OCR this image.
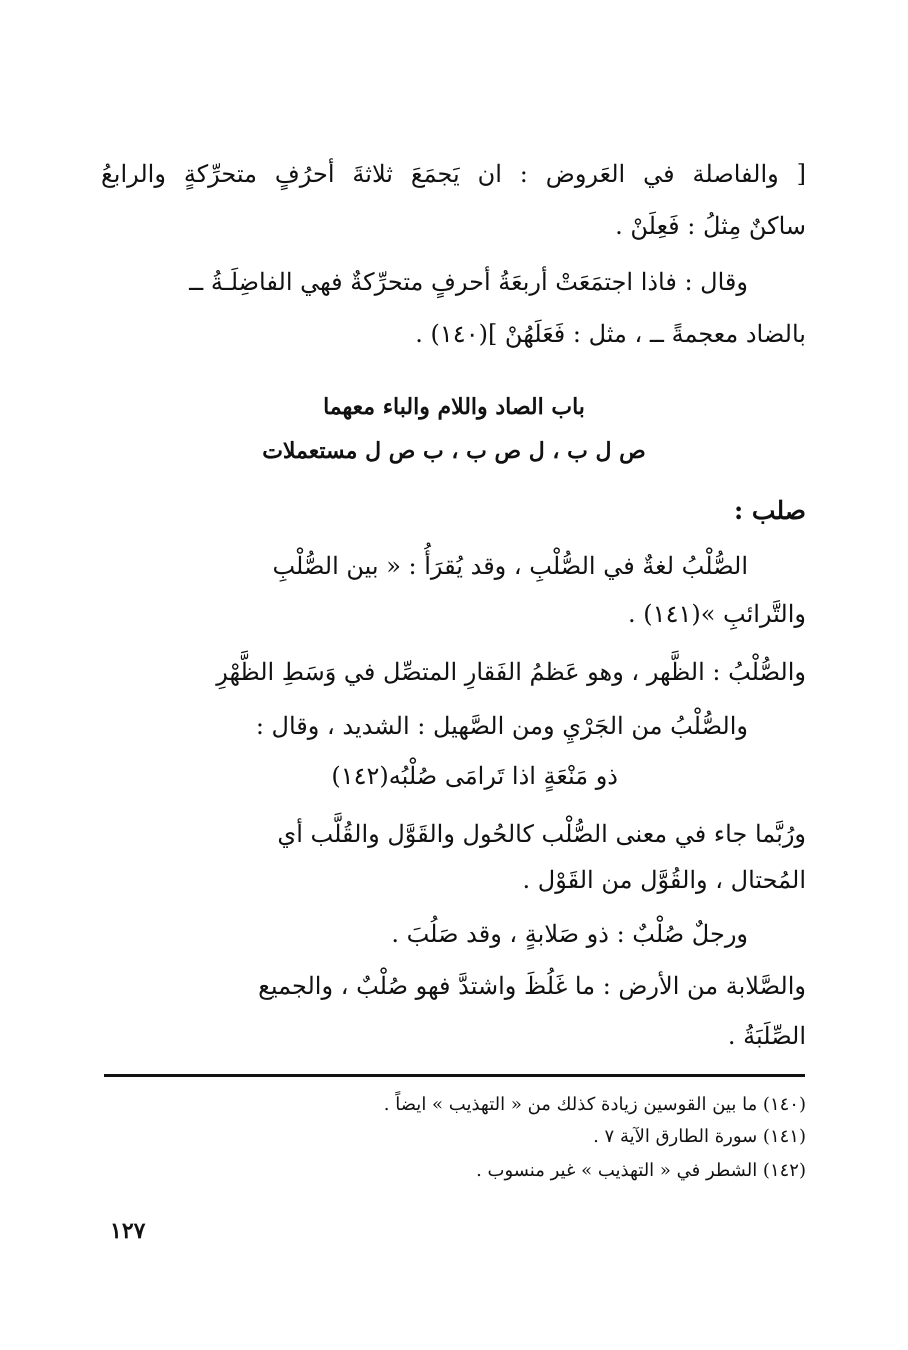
[ والفاصلة في العَروض : ان يَجمَعَ ثلاثةَ أحرُفٍ متحرِّكةٍ والرابعُ
ساكنٌ مِثلُ : فَعِلَنْ .
وقال : فاذا اجتمَعَتْ أربعَةُ أحرفٍ متحرِّكةٌ فهي الفاضِلَـةُ ــ
بالضاد معجمةً ــ ، مثل : فَعَلَهُنْ ](١٤٠) .
باب الصاد واللام والباء معهما
ص ل ب ، ل ص ب ، ب ص ل مستعملات
صلب :
الصُّلْبُ لغةٌ في الصُّلْبِ ، وقد يُقرَأُ : « بين الصُّلْبِ
والتَّرائبِ »(١٤١) .
والصُّلْبُ : الظَّهر ، وهو عَظمُ الفَقارِ المتصِّل في وَسَطِ الظَّهْرِ
والصُّلْبُ من الجَرْيِ ومن الصَّهيل : الشديد ، وقال :
ذو مَنْعَةٍ اذا تَرامَى صُلْبُه(١٤٢)
ورُبَّما جاء في معنى الصُّلْب كالحُول والقَوَّل والقُلَّب أي
المُحتال ، والقُوَّل من القَوْل .
ورجلٌ صُلْبٌ : ذو صَلابةٍ ، وقد صَلُبَ .
والصَّلابة من الأرض : ما غَلُظَ واشتدَّ فهو صُلْبٌ ، والجميع
الصِّلَبَةُ .
(١٤٠) ما بين القوسين زيادة كذلك من « التهذيب » ايضاً .
(١٤١) سورة الطارق الآية ٧ .
(١٤٢) الشطر في « التهذيب » غير منسوب .
١٢٧
